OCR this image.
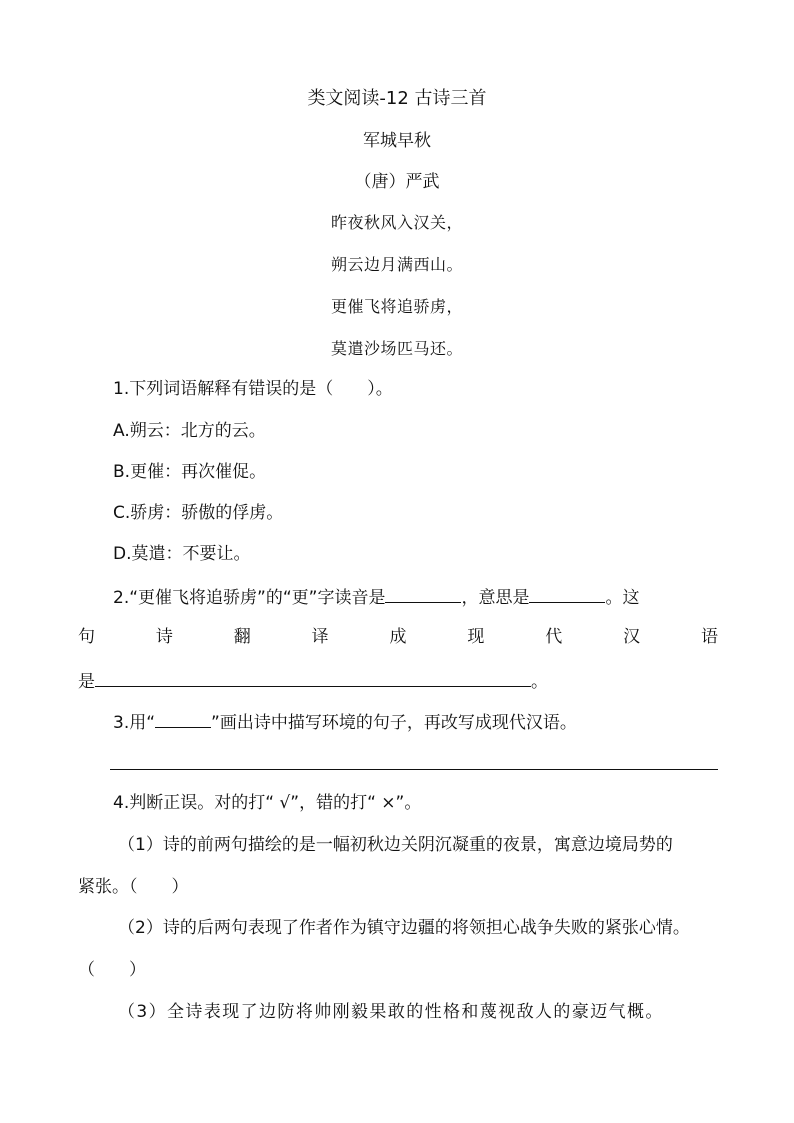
类文阅读-12 古诗三首
军城早秋
（唐）严武
昨夜秋风入汉关，
朔云边月满西山。
更催飞将追骄虏，
莫遣沙场匹马还。
1.下列词语解释有错误的是（ ）。
A.朔云：北方的云。
B.更催：再次催促。
C.骄虏：骄傲的俘虏。
D.莫遣：不要让。
2.“更催飞将追骄虏”的“更”字读音是	，意思是	。这
句	诗	翻	译	成	现	代	汉	语
是	。
3.用“	”画出诗中描写环境的句子，再改写成现代汉语。
4.判断正误。对的打“ √”，错的打“ ×”。
（1）诗的前两句描绘的是一幅初秋边关阴沉凝重的夜景，寓意边境局势的
紧张。（ ）
（2）诗的后两句表现了作者作为镇守边疆的将领担心战争失败的紧张心情。
（ ）
（3）全诗表现了边防将帅刚毅果敢的性格和蔑视敌人的豪迈气概。
